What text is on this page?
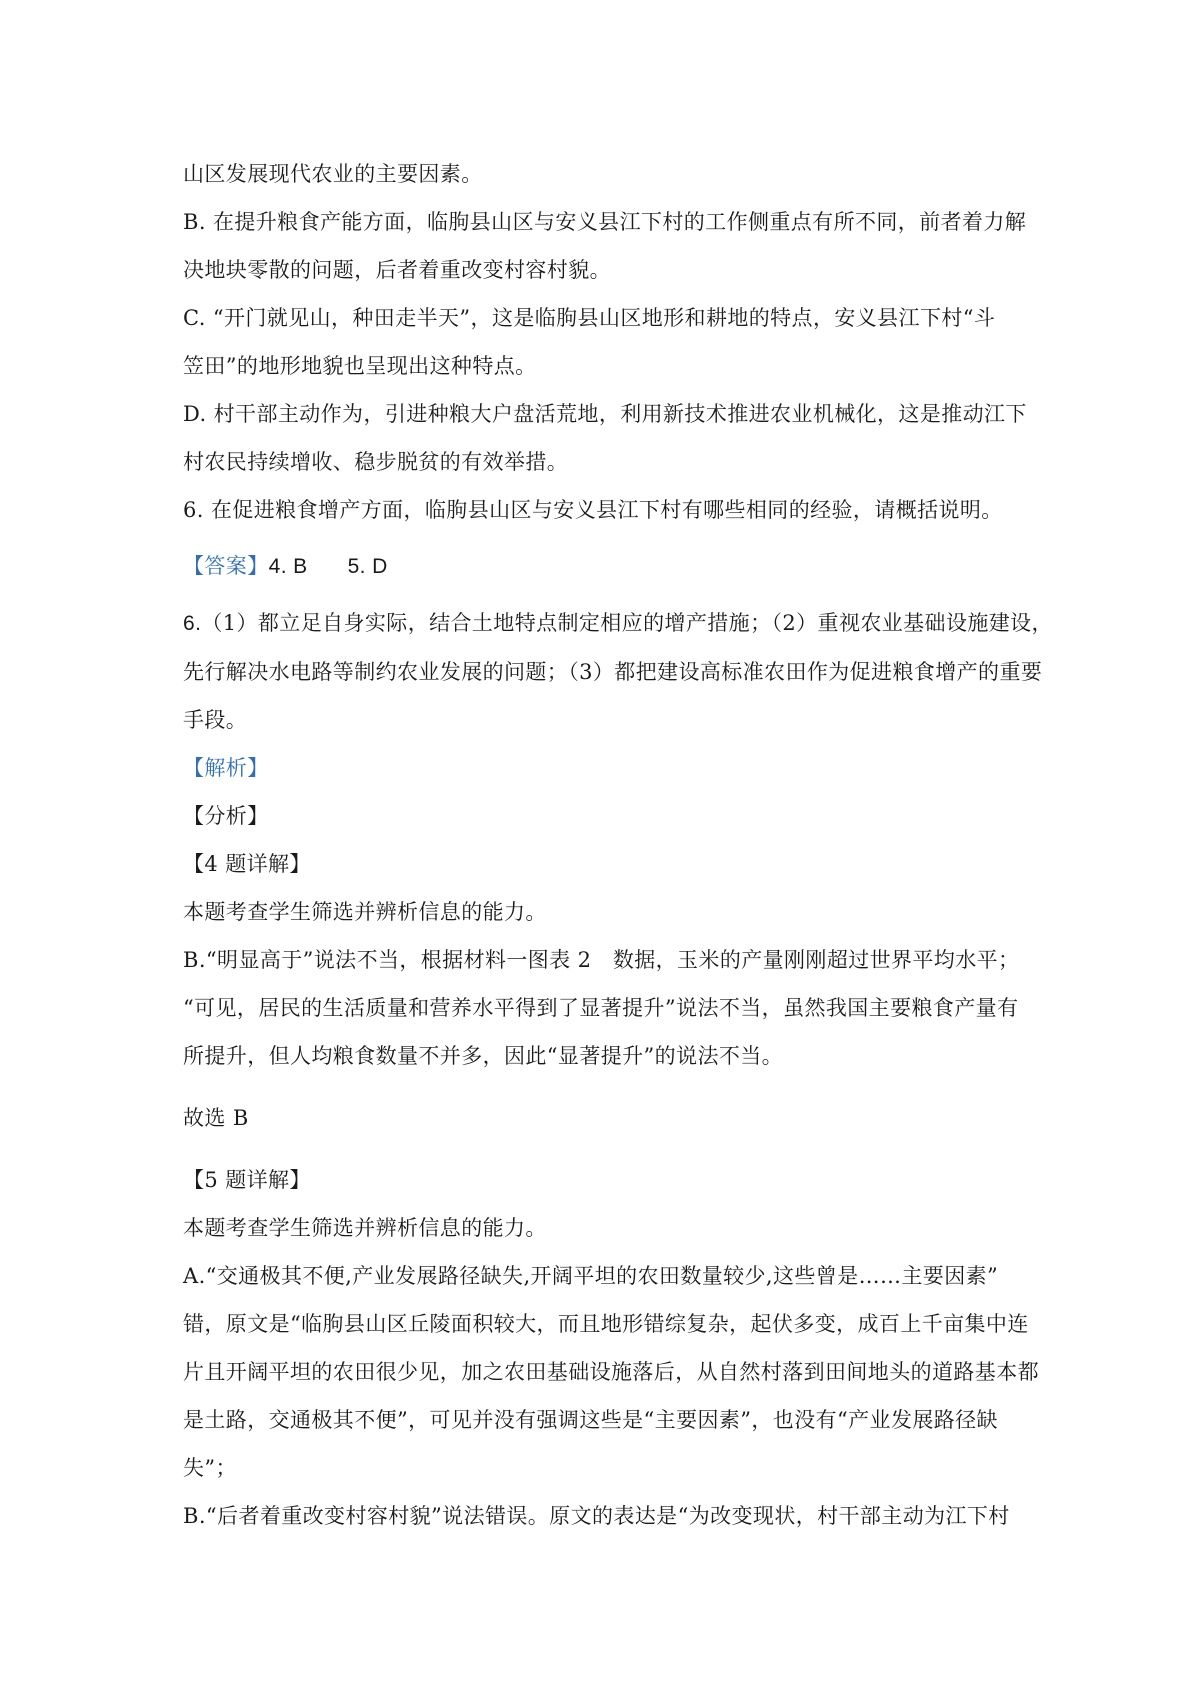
山区发展现代农业的主要因素。
B. 在提升粮食产能方面，临朐县山区与安义县江下村的工作侧重点有所不同，前者着力解
决地块零散的问题，后者着重改变村容村貌。
C. “开门就见山，种田走半天”，这是临朐县山区地形和耕地的特点，安义县江下村“斗
笠田”的地形地貌也呈现出这种特点。
D. 村干部主动作为，引进种粮大户盘活荒地，利用新技术推进农业机械化，这是推动江下
村农民持续增收、稳步脱贫的有效举措。
6. 在促进粮食增产方面，临朐县山区与安义县江下村有哪些相同的经验，请概括说明。
【答案】4. B 5. D
6.（1）都立足自身实际，结合土地特点制定相应的增产措施；（2）重视农业基础设施建设，
先行解决水电路等制约农业发展的问题；（3）都把建设高标准农田作为促进粮食增产的重要
手段。
【解析】
【分析】
【4 题详解】
本题考查学生筛选并辨析信息的能力。
B.“明显高于”说法不当，根据材料一图表 2　数据，玉米的产量刚刚超过世界平均水平；
“可见，居民的生活质量和营养水平得到了显著提升”说法不当，虽然我国主要粮食产量有
所提升，但人均粮食数量不并多，因此“显著提升”的说法不当。
故选 B
【5 题详解】
本题考查学生筛选并辨析信息的能力。
A.“交通极其不便,产业发展路径缺失,开阔平坦的农田数量较少,这些曾是……主要因素”
错，原文是“临朐县山区丘陵面积较大，而且地形错综复杂，起伏多变，成百上千亩集中连
片且开阔平坦的农田很少见，加之农田基础设施落后，从自然村落到田间地头的道路基本都
是土路，交通极其不便”，可见并没有强调这些是“主要因素”，也没有“产业发展路径缺
失”；
B.“后者着重改变村容村貌”说法错误。原文的表达是“为改变现状，村干部主动为江下村
